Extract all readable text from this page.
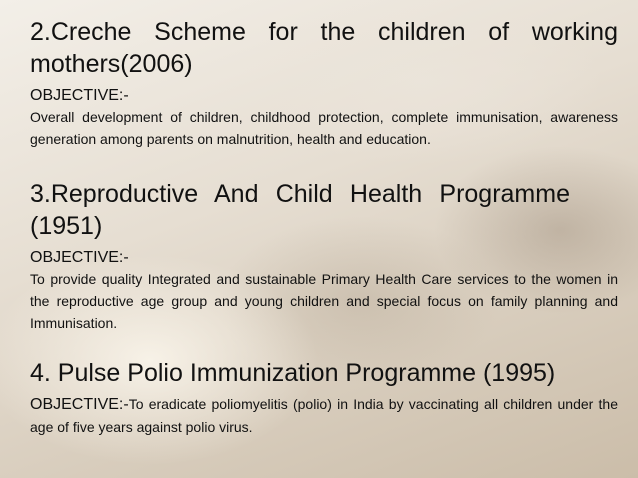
2.Creche Scheme for the children of working
mothers(2006)

OBJECTIVE:-

Overall development of children, childhood protection, complete immunisation, awareness generation among parents on malnutrition, health and education.

3.Reproductive And Child Health Programme (1951)

OBJECTIVE:-

To provide quality Integrated and sustainable Primary Health Care services to the women in the reproductive age group and young children and special focus on family planning and Immunisation.

4. Pulse Polio Immunization Programme (1995)

OBJECTIVE:-To eradicate poliomyelitis (polio) in India by vaccinating all children under the age of five years against polio virus.
